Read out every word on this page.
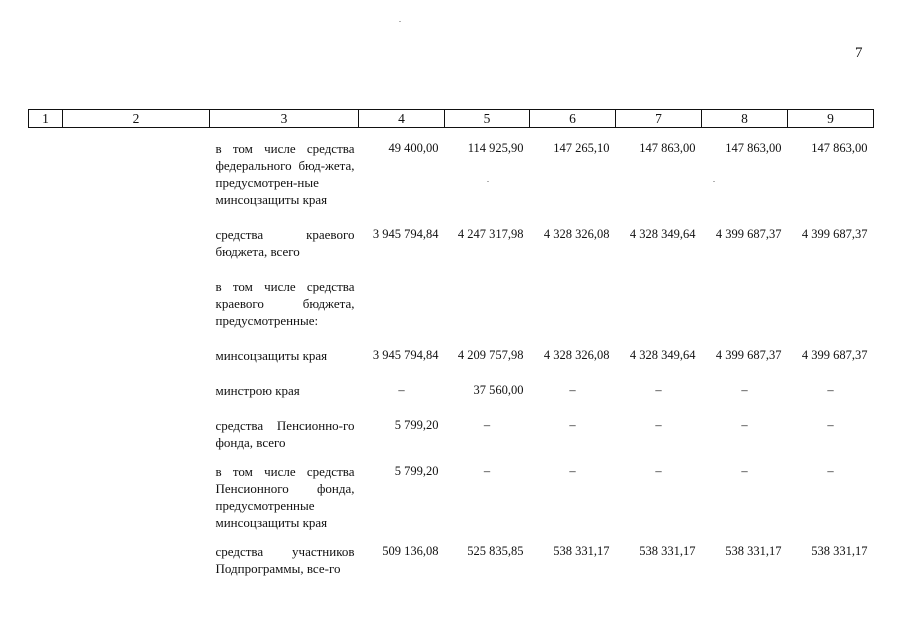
7
1	2	3	4	5	6	7	8	9
		в том числе средства федерального бюд-жета, предусмотрен-ные минсоцзащиты края	49 400,00	114 925,90	147 265,10	147 863,00	147 863,00	147 863,00
		средства краевого бюджета, всего	3 945 794,84	4 247 317,98	4 328 326,08	4 328 349,64	4 399 687,37	4 399 687,37
		в том числе средства краевого бюджета, предусмотренные:						
		минсоцзащиты края	3 945 794,84	4 209 757,98	4 328 326,08	4 328 349,64	4 399 687,37	4 399 687,37
		минстрою края	–	37 560,00	–	–	–	–
		средства Пенсионно-го фонда, всего	5 799,20	–	–	–	–	–
		в том числе средства Пенсионного фонда, предусмотренные минсоцзащиты края	5 799,20	–	–	–	–	–
		средства участников Подпрограммы, все-го	509 136,08	525 835,85	538 331,17	538 331,17	538 331,17	538 331,17
